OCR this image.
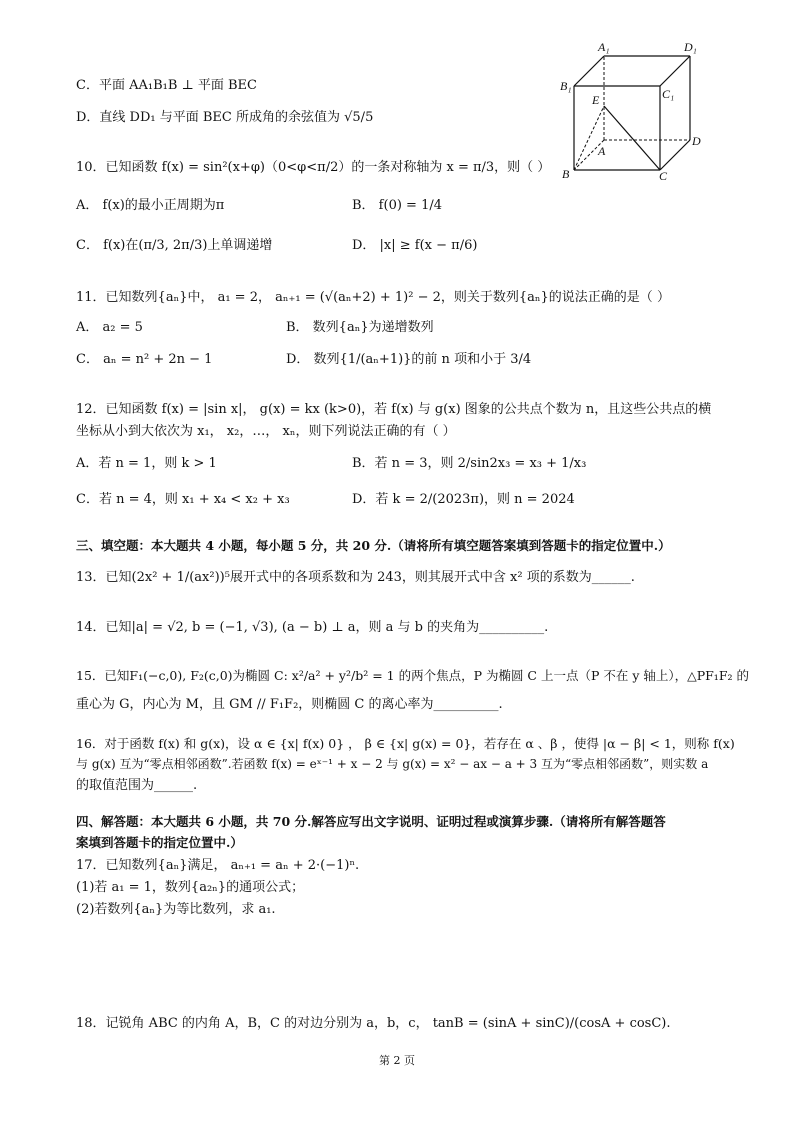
A₁	D₁
B₁
C₁
E
A
D
B	C
C．平面 AA₁B₁B ⊥ 平面 BEC
D．直线 DD₁ 与平面 BEC 所成角的余弦值为 √5/5
10．已知函数 f(x) = sin²(x+φ)（0<φ<π/2）的一条对称轴为 x = π/3，则（ ）
A． f(x)的最小正周期为π	B． f(0) = 1/4
C． f(x)在(π/3, 2π/3)上单调递增	D． |x| ≥ f(x − π/6)
11．已知数列{aₙ}中， a₁ = 2， aₙ₊₁ = (√(aₙ+2) + 1)² − 2，则关于数列{aₙ}的说法正确的是（ ）
A． a₂ = 5	B． 数列{aₙ}为递增数列
C． aₙ = n² + 2n − 1	D． 数列{1/(aₙ+1)}的前 n 项和小于 3/4
12．已知函数 f(x) = |sin x|， g(x) = kx (k>0)，若 f(x) 与 g(x) 图象的公共点个数为 n，且这些公共点的横
坐标从小到大依次为 x₁， x₂，…， xₙ，则下列说法正确的有（ ）
A．若 n = 1，则 k > 1	B．若 n = 3，则 2/sin2x₃ = x₃ + 1/x₃
C．若 n = 4，则 x₁ + x₄ < x₂ + x₃	D．若 k = 2/(2023π)，则 n = 2024
三、填空题：本大题共 4 小题，每小题 5 分，共 20 分.（请将所有填空题答案填到答题卡的指定位置中.）
13．已知(2x² + 1/(ax²))⁵展开式中的各项系数和为 243，则其展开式中含 x² 项的系数为______.
14．已知|a| = √2, b = (−1, √3), (a − b) ⊥ a，则 a 与 b 的夹角为__________.
15．已知F₁(−c,0), F₂(c,0)为椭圆 C: x²/a² + y²/b² = 1 的两个焦点，P 为椭圆 C 上一点（P 不在 y 轴上），△PF₁F₂ 的
重心为 G，内心为 M，且 GM // F₁F₂，则椭圆 C 的离心率为__________.
16．对于函数 f(x) 和 g(x)，设 α ∈ {x| f(x) 0} ， β ∈ {x| g(x) = 0}，若存在 α 、β ，使得 |α − β| < 1，则称 f(x)
与 g(x) 互为“零点相邻函数”.若函数 f(x) = eˣ⁻¹ + x − 2 与 g(x) = x² − ax − a + 3 互为“零点相邻函数”，则实数 a
的取值范围为______.
四、解答题：本大题共 6 小题，共 70 分.解答应写出文字说明、证明过程或演算步骤.（请将所有解答题答
案填到答题卡的指定位置中.）
17．已知数列{aₙ}满足， aₙ₊₁ = aₙ + 2·(−1)ⁿ.
(1)若 a₁ = 1，数列{a₂ₙ}的通项公式；
(2)若数列{aₙ}为等比数列，求 a₁.
18．记锐角 ABC 的内角 A，B，C 的对边分别为 a，b，c， tanB = (sinA + sinC)/(cosA + cosC).
第 2 页
